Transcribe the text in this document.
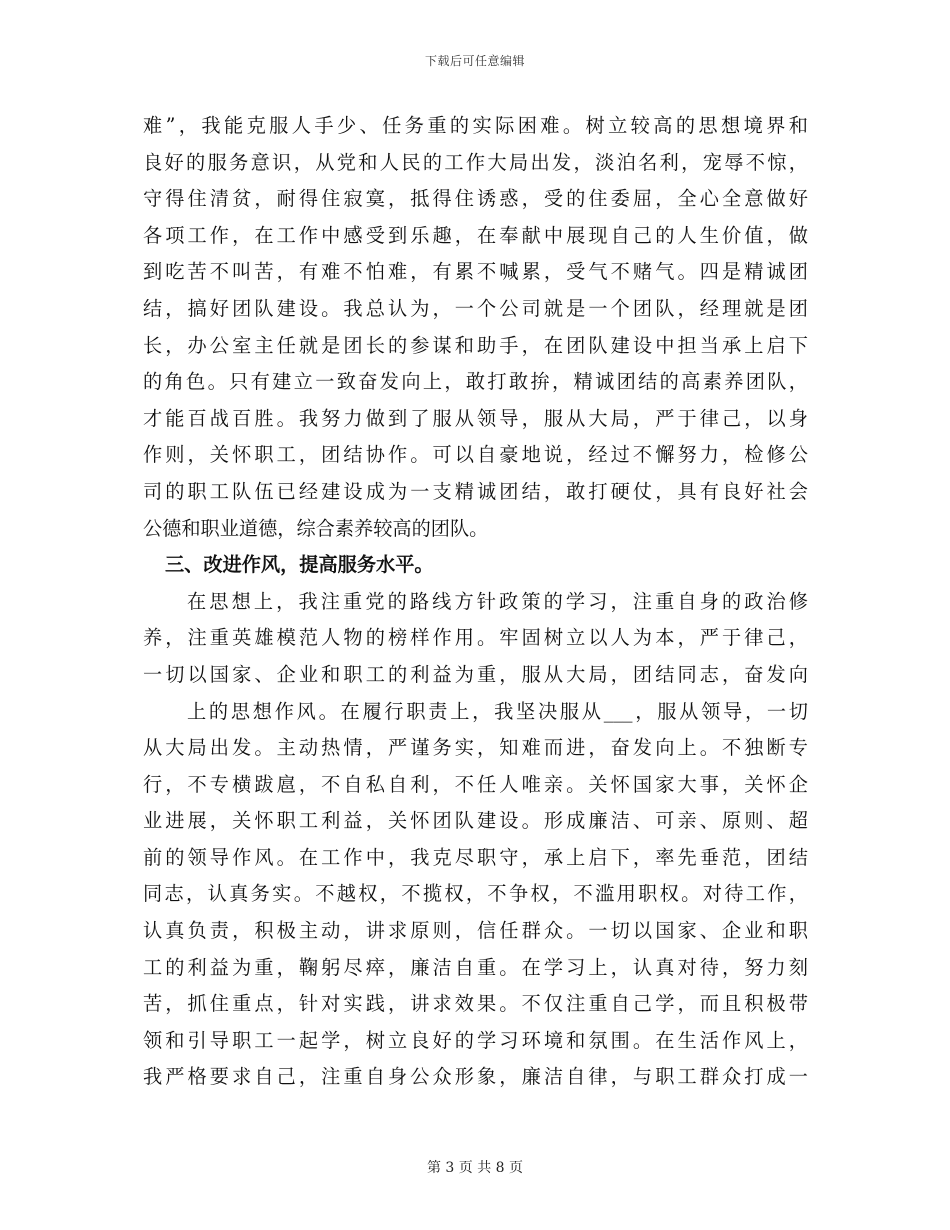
下载后可任意编辑
难”，我能克服人手少、任务重的实际困难。树立较高的思想境界和
良好的服务意识，从党和人民的工作大局出发，淡泊名利，宠辱不惊，
守得住清贫，耐得住寂寞，抵得住诱惑，受的住委屈，全心全意做好
各项工作，在工作中感受到乐趣，在奉献中展现自己的人生价值，做
到吃苦不叫苦，有难不怕难，有累不喊累，受气不赌气。四是精诚团
结，搞好团队建设。我总认为，一个公司就是一个团队，经理就是团
长，办公室主任就是团长的参谋和助手，在团队建设中担当承上启下
的角色。只有建立一致奋发向上，敢打敢拚，精诚团结的高素养团队，
才能百战百胜。我努力做到了服从领导，服从大局，严于律己，以身
作则，关怀职工，团结协作。可以自豪地说，经过不懈努力，检修公
司的职工队伍已经建设成为一支精诚团结，敢打硬仗，具有良好社会
公德和职业道德，综合素养较高的团队。
三、改进作风，提高服务水平。
在思想上，我注重党的路线方针政策的学习，注重自身的政治修
养，注重英雄模范人物的榜样作用。牢固树立以人为本，严于律己，
一切以国家、企业和职工的利益为重，服从大局，团结同志，奋发向
上的思想作风。在履行职责上，我坚决服从___，服从领导，一切
从大局出发。主动热情，严谨务实，知难而进，奋发向上。不独断专
行，不专横跋扈，不自私自利，不任人唯亲。关怀国家大事，关怀企
业进展，关怀职工利益，关怀团队建设。形成廉洁、可亲、原则、超
前的领导作风。在工作中，我克尽职守，承上启下，率先垂范，团结
同志，认真务实。不越权，不揽权，不争权，不滥用职权。对待工作，
认真负责，积极主动，讲求原则，信任群众。一切以国家、企业和职
工的利益为重，鞠躬尽瘁，廉洁自重。在学习上，认真对待，努力刻
苦，抓住重点，针对实践，讲求效果。不仅注重自己学，而且积极带
领和引导职工一起学，树立良好的学习环境和氛围。在生活作风上，
我严格要求自己，注重自身公众形象，廉洁自律，与职工群众打成一
第 3 页 共 8 页
